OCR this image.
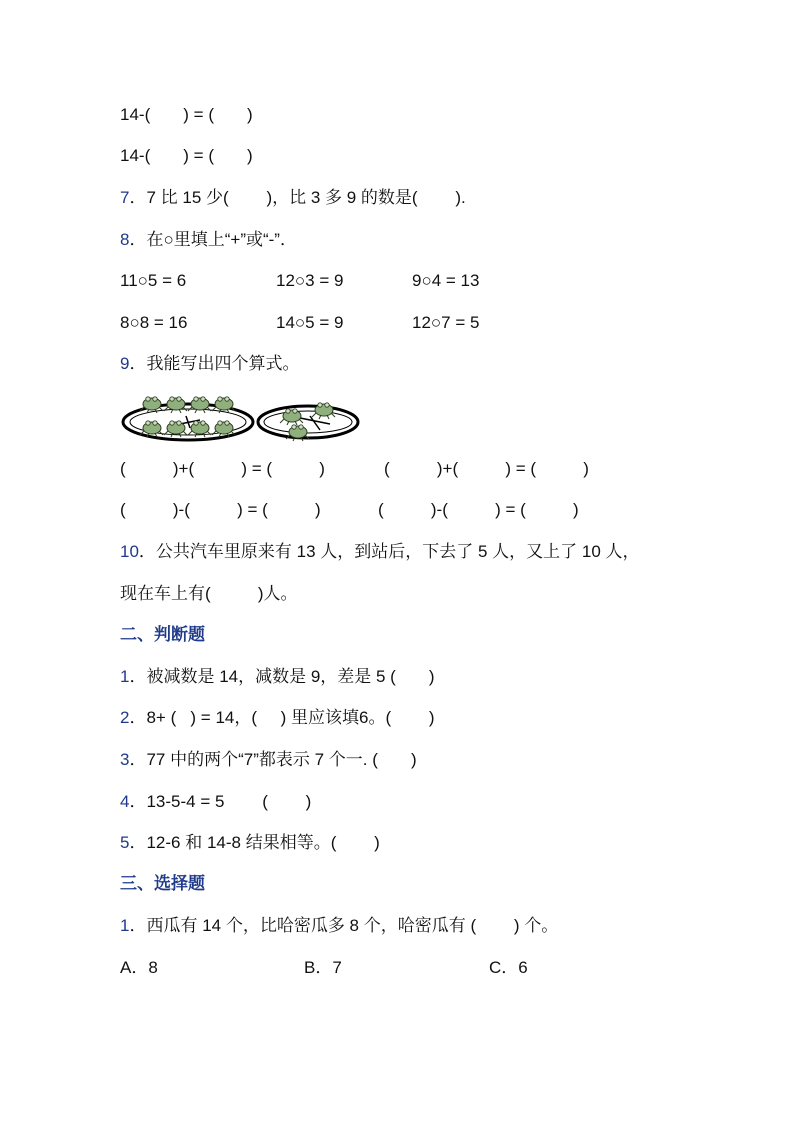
14-(       ) = (       )
14-(       ) = (       )
7．7 比 15 少(        )，比 3 多 9 的数是(        ).
8．在○里填上“+”或“-”．
11○5 = 6	12○3 = 9	9○4 = 13
8○8 = 16	14○5 = 9	12○7 = 5
9．我能写出四个算式。
(          )+(          ) = (          )	(          )+(          ) = (          )
(          )-(          ) = (          )	(          )-(          ) = (          )
10．公共汽车里原来有 13 人，到站后，下去了 5 人，又上了 10 人，
现在车上有(          )人。
二、判断题
1．被减数是 14，减数是 9，差是 5 (       )
2．8+ (   ) = 14，(     ) 里应该填6。(        )
3．77 中的两个“7”都表示 7 个一. (       )
4．13-5-4 = 5        (        )
5．12-6 和 14-8 结果相等。(        )
三、选择题
1．西瓜有 14 个，比哈密瓜多 8 个，哈密瓜有 (        ) 个。
A．8	B．7	C．6
